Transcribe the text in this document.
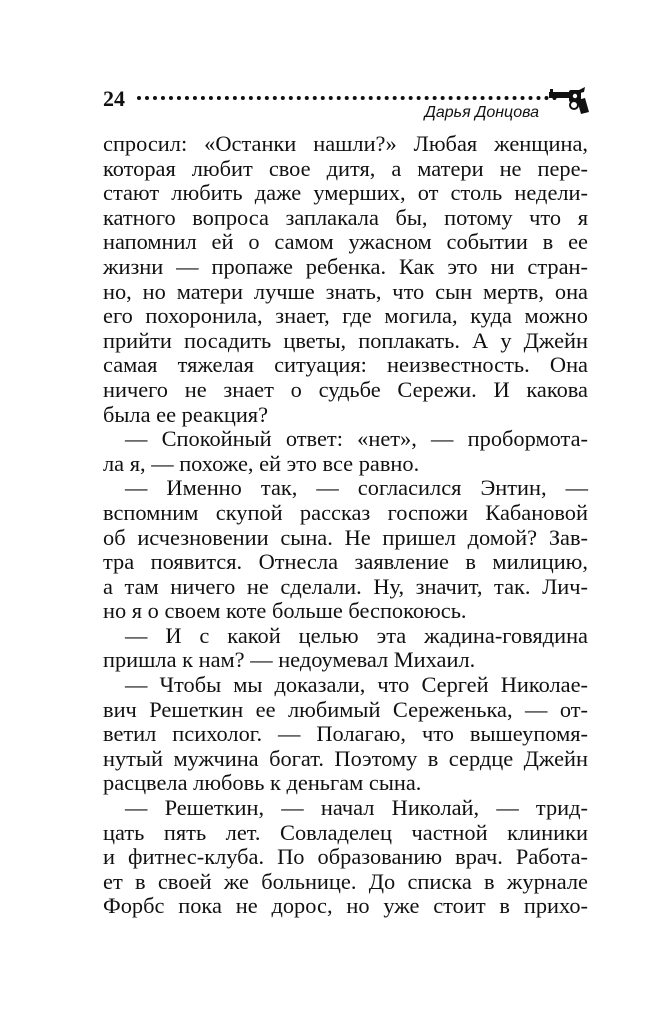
24
Дарья Донцова
спросил: «Останки нашли?» Любая женщина,
которая любит свое дитя, а матери не пере-
стают любить даже умерших, от столь недели-
катного вопроса заплакала бы, потому что я
напомнил ей о самом ужасном событии в ее
жизни — пропаже ребенка. Как это ни стран-
но, но матери лучше знать, что сын мертв, она
его похоронила, знает, где могила, куда можно
прийти посадить цветы, поплакать. А у Джейн
самая тяжелая ситуация: неизвестность. Она
ничего не знает о судьбе Сережи. И какова
была ее реакция?
— Спокойный ответ: «нет», — пробормота-
ла я, — похоже, ей это все равно.
— Именно так, — согласился Энтин, —
вспомним скупой рассказ госпожи Кабановой
об исчезновении сына. Не пришел домой? Зав-
тра появится. Отнесла заявление в милицию,
а там ничего не сделали. Ну, значит, так. Лич-
но я о своем коте больше беспокоюсь.
— И с какой целью эта жадина-говядина
пришла к нам? — недоумевал Михаил.
— Чтобы мы доказали, что Сергей Николае-
вич Решеткин ее любимый Сереженька, — от-
ветил психолог. — Полагаю, что вышеупомя-
нутый мужчина богат. Поэтому в сердце Джейн
расцвела любовь к деньгам сына.
— Решеткин, — начал Николай, — трид-
цать пять лет. Совладелец частной клиники
и фитнес-клуба. По образованию врач. Работа-
ет в своей же больнице. До списка в журнале
Форбс пока не дорос, но уже стоит в прихо-
